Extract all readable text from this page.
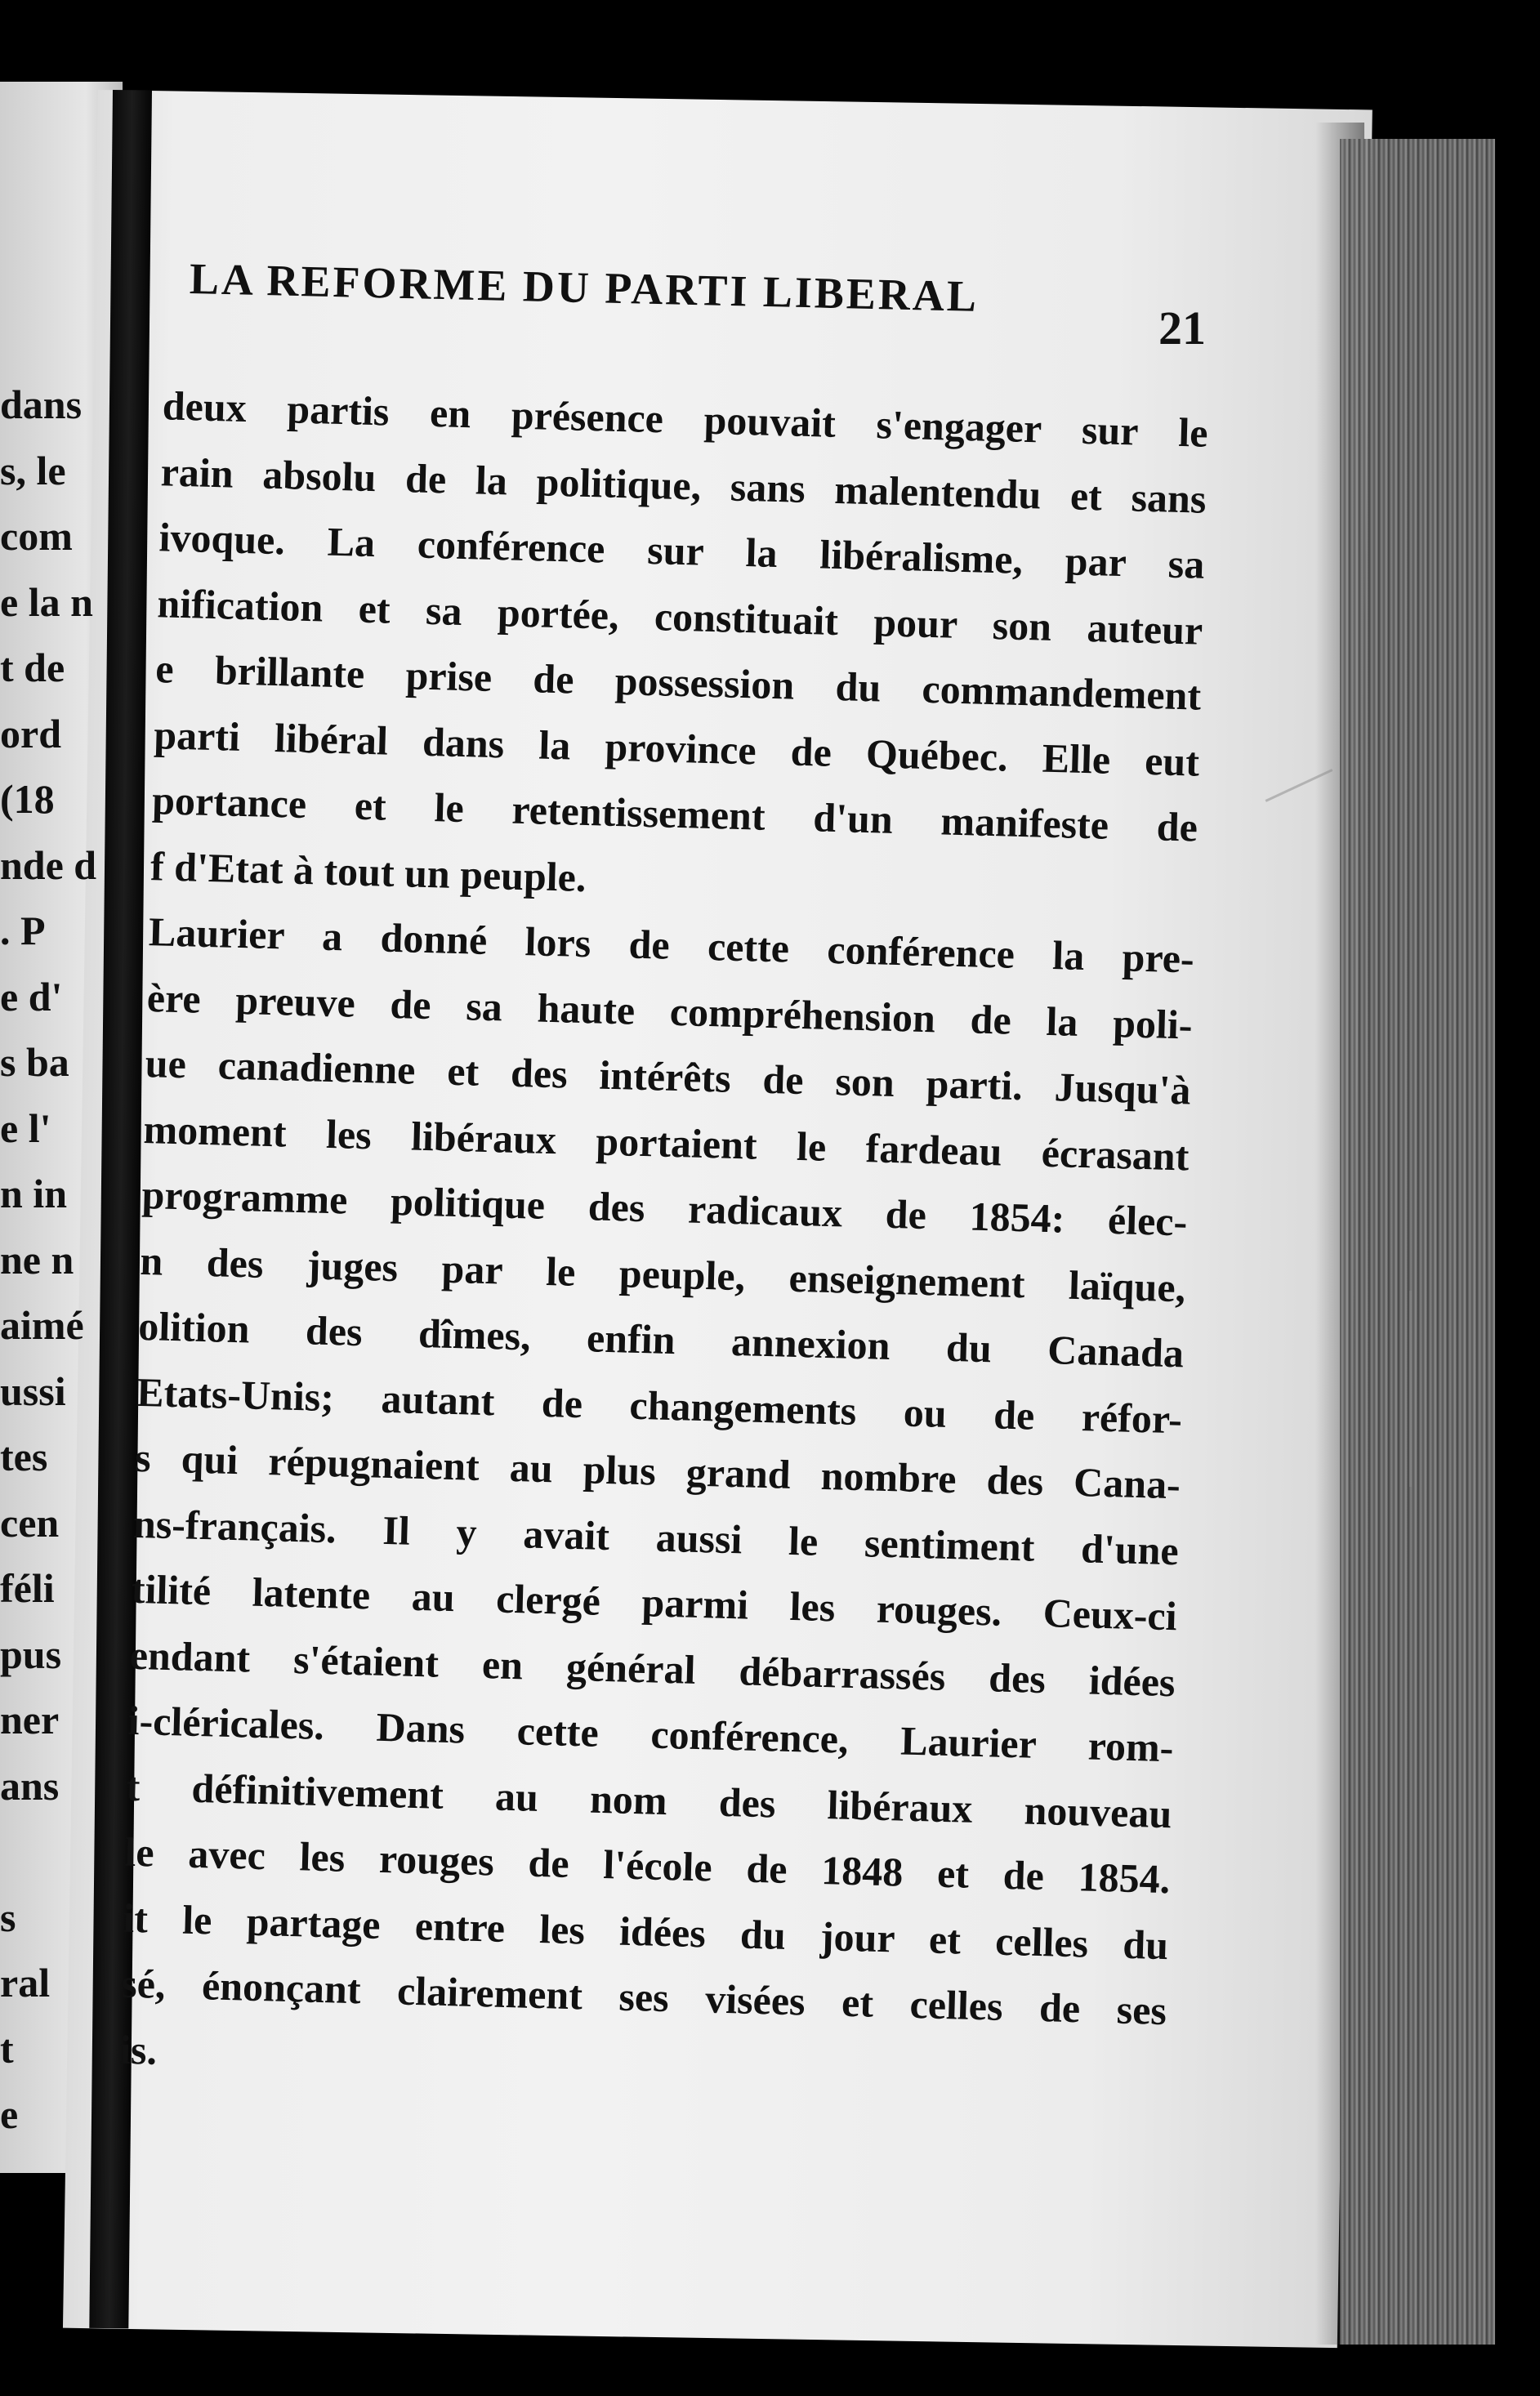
dans
s, le
com
e la n
t de
ord
(18
nde d
. P
e d'
s ba
e l'
n in
ne n
aimé
ussi
tes
cen
féli
pus
ner
ans
s
ral
t
e
LA REFORME DU PARTI LIBERAL
21
deux partis en présence pouvait s'engager sur le
rain absolu de la politique, sans malentendu et sans
ivoque. La conférence sur la libéralisme, par sa
nification et sa portée, constituait pour son auteur
e brillante prise de possession du commandement
parti libéral dans la province de Québec. Elle eut
portance et le retentissement d'un manifeste de
f d'Etat à tout un peuple.
Laurier a donné lors de cette conférence la pre-
ère preuve de sa haute compréhension de la poli-
ue canadienne et des intérêts de son parti. Jusqu'à
moment les libéraux portaient le fardeau écrasant
programme politique des radicaux de 1854: élec-
n des juges par le peuple, enseignement laïque,
olition des dîmes, enfin annexion du Canada
Etats-Unis; autant de changements ou de réfor-
s qui répugnaient au plus grand nombre des Cana-
ns-français. Il y avait aussi le sentiment d'une
tilité latente au clergé parmi les rouges. Ceux-ci
endant s'étaient en général débarrassés des idées
i-cléricales. Dans cette conférence, Laurier rom-
t définitivement au nom des libéraux nouveau
le avec les rouges de l'école de 1848 et de 1854.
it le partage entre les idées du jour et celles du
sé, énonçant clairement ses visées et celles de ses
is.
